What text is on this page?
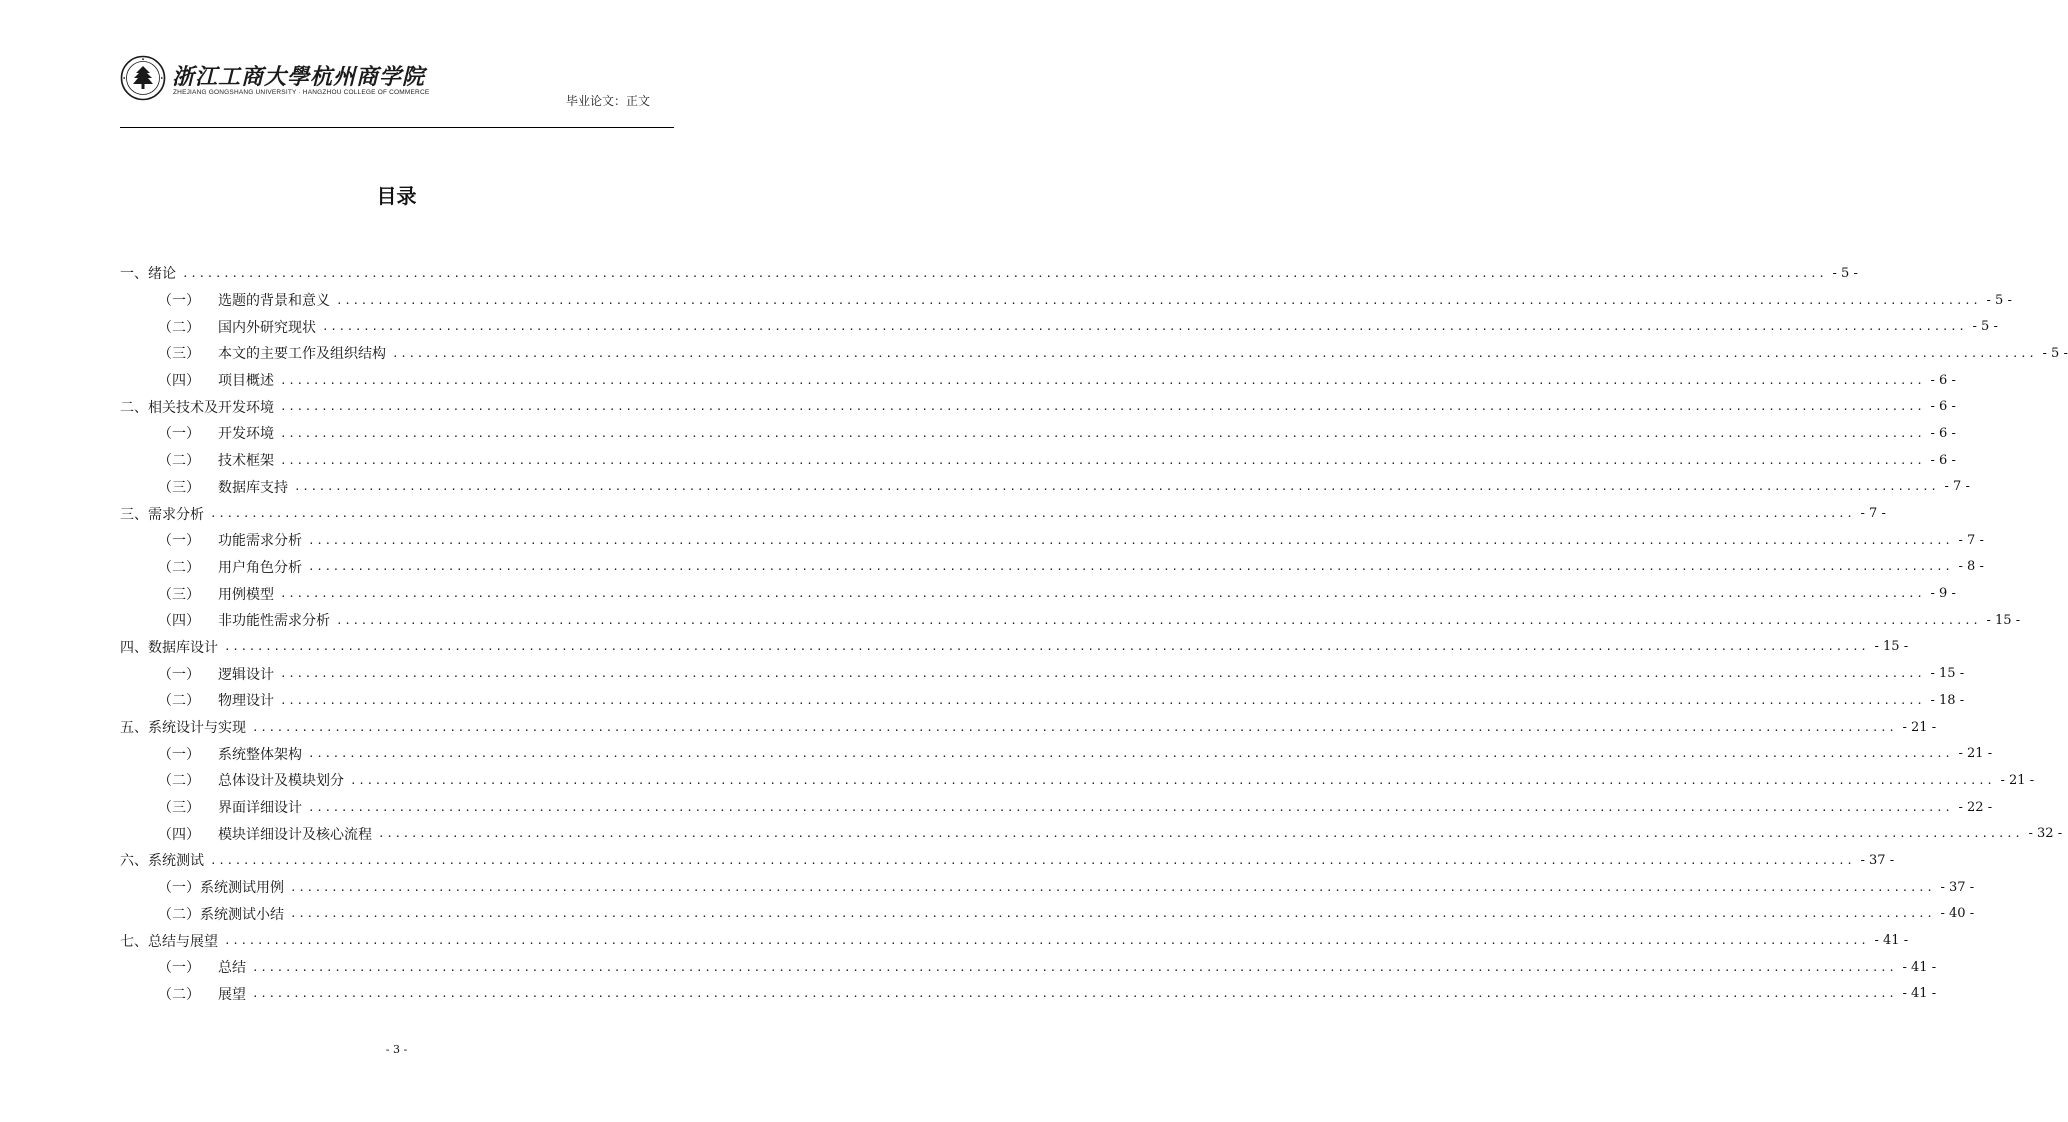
浙江工商大學杭州商学院
ZHEJIANG GONGSHANG UNIVERSITY · HANGZHOU COLLEGE OF COMMERCE
毕业论文：正文
目录
一、 绪论 ........................................................................................................................................................................................................ - 5 -
（一）	选题的背景和意义 ........................................................................................................................................................................................................ - 5 -
（二）	国内外研究现状 ........................................................................................................................................................................................................ - 5 -
（三）	本文的主要工作及组织结构 ........................................................................................................................................................................................................ - 5 -
（四）	项目概述 ........................................................................................................................................................................................................ - 6 -
二、 相关技术及开发环境 ........................................................................................................................................................................................................ - 6 -
（一）	开发环境 ........................................................................................................................................................................................................ - 6 -
（二）	技术框架 ........................................................................................................................................................................................................ - 6 -
（三）	数据库支持 ........................................................................................................................................................................................................ - 7 -
三、 需求分析 ........................................................................................................................................................................................................ - 7 -
（一）	功能需求分析 ........................................................................................................................................................................................................ - 7 -
（二）	用户角色分析 ........................................................................................................................................................................................................ - 8 -
（三）	用例模型 ........................................................................................................................................................................................................ - 9 -
（四）	非功能性需求分析 ........................................................................................................................................................................................................ - 15 -
四、 数据库设计 ........................................................................................................................................................................................................ - 15 -
（一）	逻辑设计 ........................................................................................................................................................................................................ - 15 -
（二）	物理设计 ........................................................................................................................................................................................................ - 18 -
五、 系统设计与实现 ........................................................................................................................................................................................................ - 21 -
（一）	系统整体架构 ........................................................................................................................................................................................................ - 21 -
（二）	总体设计及模块划分 ........................................................................................................................................................................................................ - 21 -
（三）	界面详细设计 ........................................................................................................................................................................................................ - 22 -
（四）	模块详细设计及核心流程 ........................................................................................................................................................................................................ - 32 -
六、 系统测试 ........................................................................................................................................................................................................ - 37 -
（一） 系统测试用例 ........................................................................................................................................................................................................ - 37 -
（二） 系统测试小结 ........................................................................................................................................................................................................ - 40 -
七、 总结与展望 ........................................................................................................................................................................................................ - 41 -
（一）	总结 ........................................................................................................................................................................................................ - 41 -
（二）	展望 ........................................................................................................................................................................................................ - 41 -
- 3 -
